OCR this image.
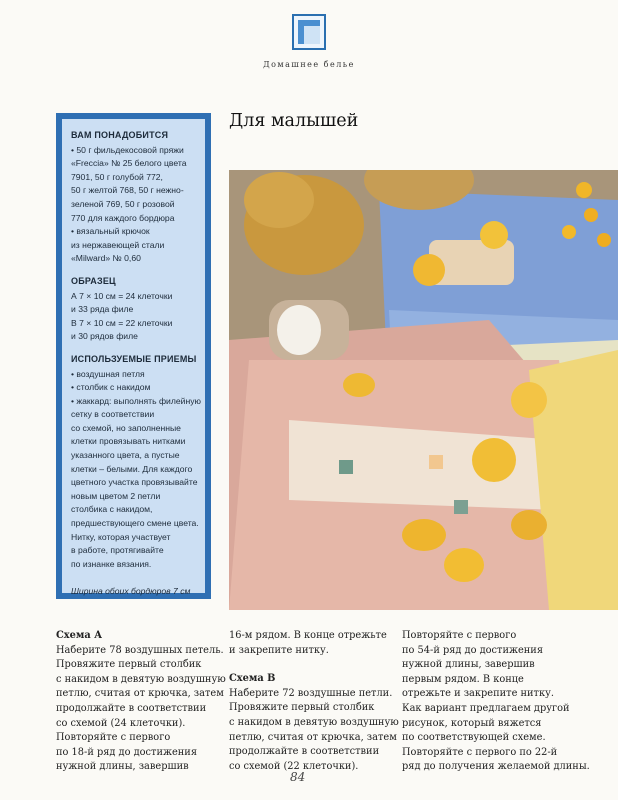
Домашнее белье
ВАМ ПОНАДОБИТСЯ
• 50 г фильдекосовой пряжи
«Freccia» № 25 белого цвета
7901, 50 г голубой 772,
50 г желтой 768, 50 г нежно-
зеленой 769, 50 г розовой
770 для каждого бордюра
• вязальный крючок
из нержавеющей стали
«Milward» № 0,60
ОБРАЗЕЦ
А 7 × 10 см = 24 клеточки
и 33 ряда филе
В 7 × 10 см = 22 клеточки
и 30 рядов филе
ИСПОЛЬЗУЕМЫЕ ПРИЕМЫ
• воздушная петля
• столбик с накидом
• жаккард: выполнять филейную
сетку в соответствии
со схемой, но заполненные
клетки провязывать нитками
указанного цвета, а пустые
клетки – белыми. Для каждого
цветного участка провязывайте
новым цветом 2 петли
столбика с накидом,
предшествующего смене цвета.
Нитку, которая участвует
в работе, протягивайте
по изнанке вязания.
Ширина обоих бордюров 7 см
Для малышей
Схема А
Наберите 78 воздушных петель.
Провяжите первый столбик
с накидом в девятую воздушную
петлю, считая от крючка, затем
продолжайте в соответствии
со схемой (24 клеточки).
Повторяйте с первого
по 18-й ряд до достижения
нужной длины, завершив
16-м рядом. В конце отрежьте
и закрепите нитку.
Схема В
Наберите 72 воздушные петли.
Провяжите первый столбик
с накидом в девятую воздушную
петлю, считая от крючка, затем
продолжайте в соответствии
со схемой (22 клеточки).
Повторяйте с первого
по 54-й ряд до достижения
нужной длины, завершив
первым рядом. В конце
отрежьте и закрепите нитку.
Как вариант предлагаем другой
рисунок, который вяжется
по соответствующей схеме.
Повторяйте с первого по 22-й
ряд до получения желаемой длины.
84
